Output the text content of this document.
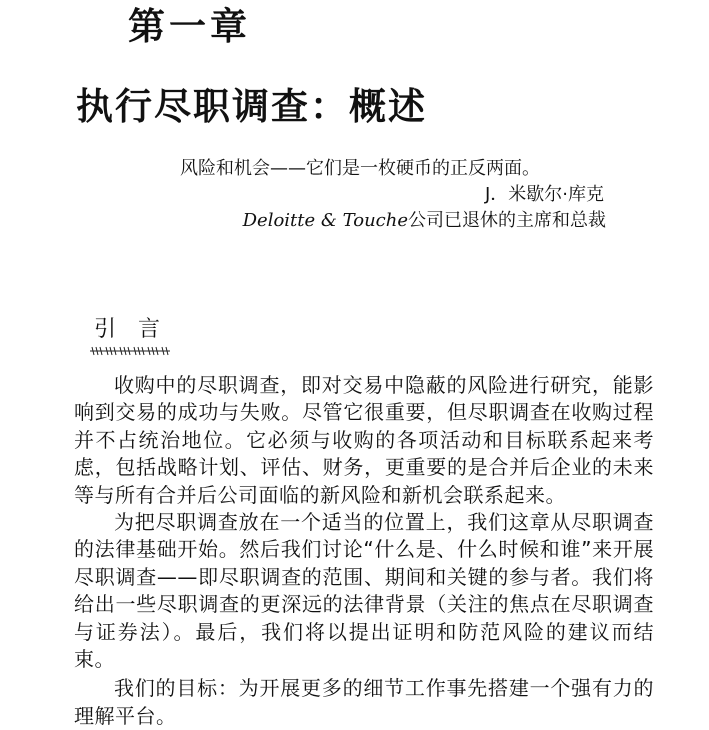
第一章
执行尽职调查：概述
风险和机会——它们是一枚硬币的正反两面。
J．米歇尔·库克
Deloitte & Touche公司已退休的主席和总裁
引言

收购中的尽职调查，即对交易中隐蔽的风险进行研究，能影响到交易的成功与失败。尽管它很重要，但尽职调查在收购过程并不占统治地位。它必须与收购的各项活动和目标联系起来考虑，包括战略计划、评估、财务，更重要的是合并后企业的未来等与所有合并后公司面临的新风险和新机会联系起来。

为把尽职调查放在一个适当的位置上，我们这章从尽职调查的法律基础开始。然后我们讨论“什么是、什么时候和谁”来开展尽职调查——即尽职调查的范围、期间和关键的参与者。我们将给出一些尽职调查的更深远的法律背景（关注的焦点在尽职调查与证券法）。最后，我们将以提出证明和防范风险的建议而结束。

我们的目标：为开展更多的细节工作事先搭建一个强有力的理解平台。
